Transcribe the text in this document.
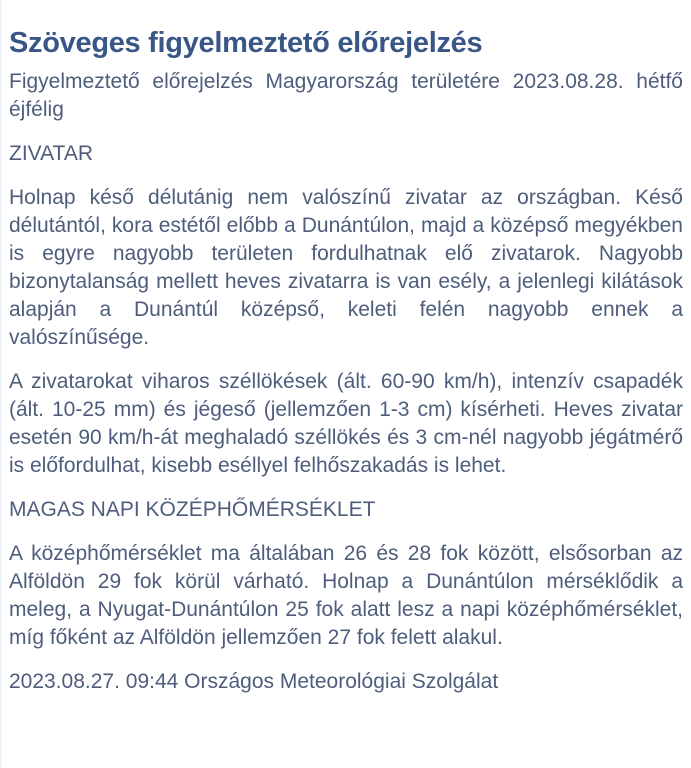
Szöveges figyelmeztető előrejelzés

Figyelmeztető előrejelzés Magyarország területére 2023.08.28. hétfő éjfélig

ZIVATAR

Holnap késő délutánig nem valószínű zivatar az országban. Késő délutántól, kora estétől előbb a Dunántúlon, majd a középső megyékben is egyre nagyobb területen fordulhatnak elő zivatarok. Nagyobb bizonytalanság mellett heves zivatarra is van esély, a jelenlegi kilátások alapján a Dunántúl középső, keleti felén nagyobb ennek a valószínűsége.

A zivatarokat viharos széllökések (ált. 60-90 km/h), intenzív csapadék (ált. 10-25 mm) és jégeső (jellemzően 1-3 cm) kísérheti. Heves zivatar esetén 90 km/h-át meghaladó széllökés és 3 cm-nél nagyobb jégátmérő is előfordulhat, kisebb eséllyel felhőszakadás is lehet.

MAGAS NAPI KÖZÉPHŐMÉRSÉKLET

A középhőmérséklet ma általában 26 és 28 fok között, elsősorban az Alföldön 29 fok körül várható. Holnap a Dunántúlon mérséklődik a meleg, a Nyugat-Dunántúlon 25 fok alatt lesz a napi középhőmérséklet, míg főként az Alföldön jellemzően 27 fok felett alakul.

2023.08.27. 09:44 Országos Meteorológiai Szolgálat
